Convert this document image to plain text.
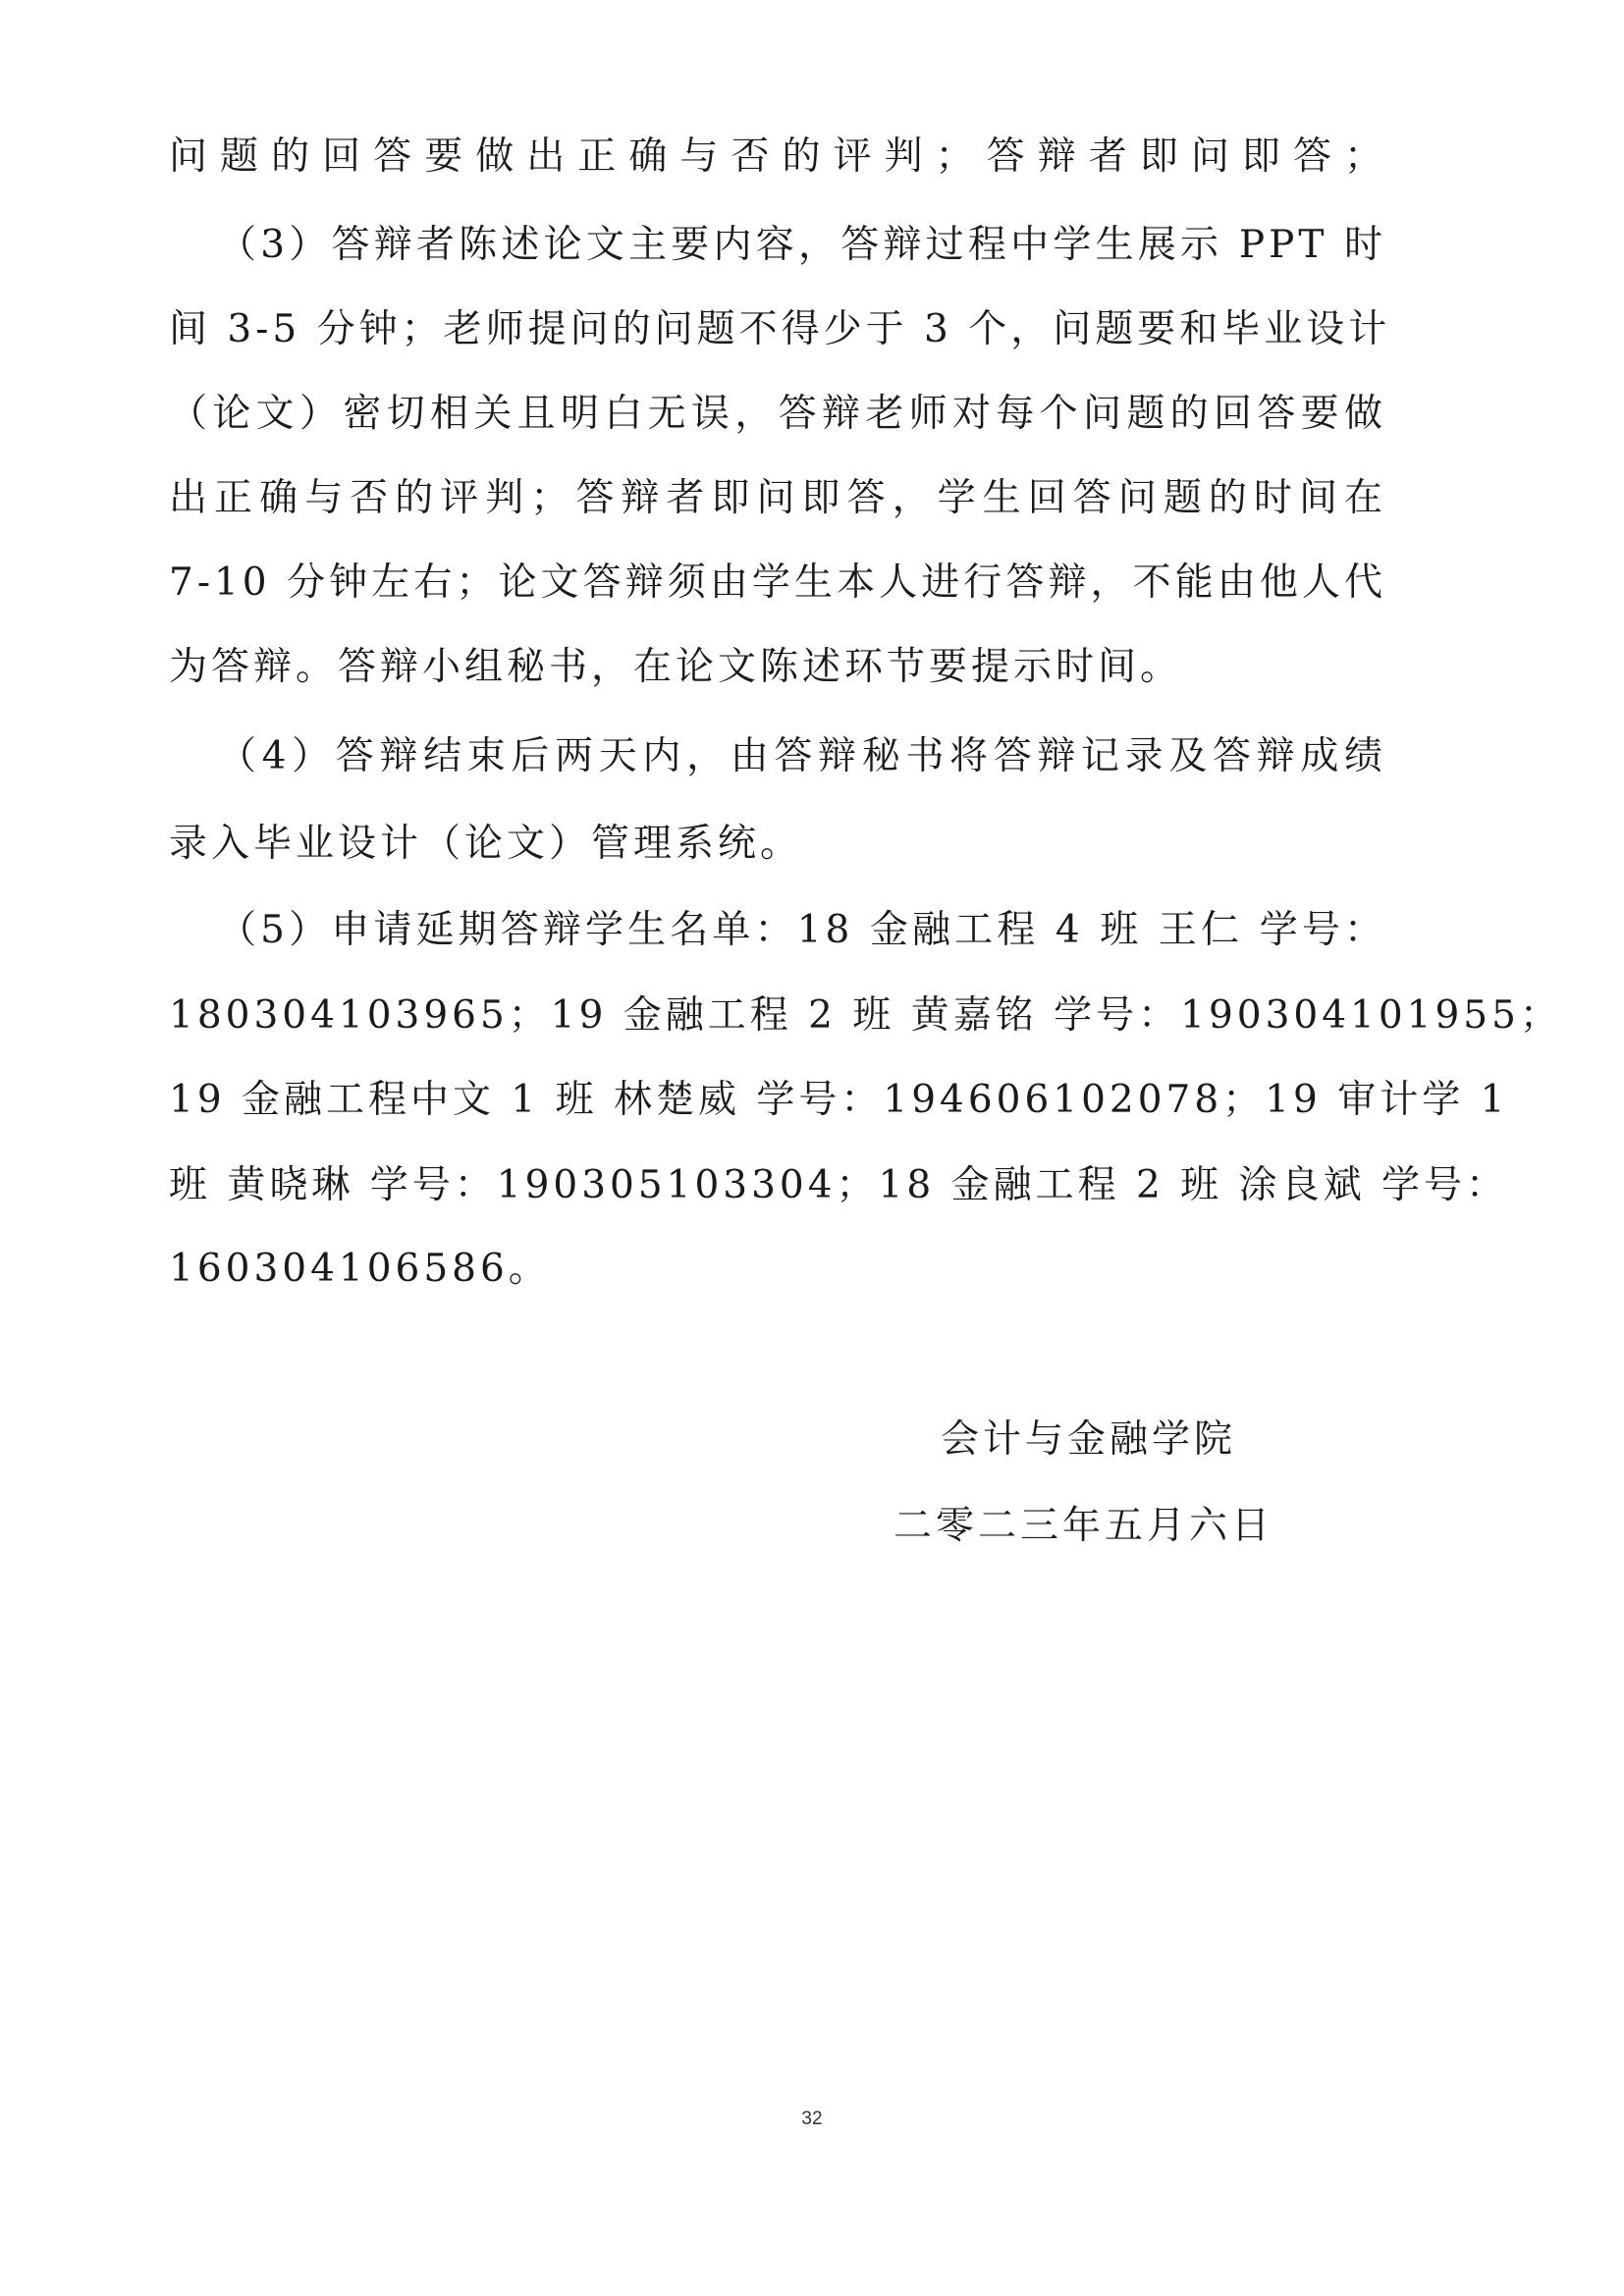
问题的回答要做出正确与否的评判；答辩者即问即答；
（3）答辩者陈述论文主要内容，答辩过程中学生展示 PPT 时
间 3-5 分钟；老师提问的问题不得少于 3 个，问题要和毕业设计
（论文）密切相关且明白无误，答辩老师对每个问题的回答要做
出正确与否的评判；答辩者即问即答，学生回答问题的时间在
7-10 分钟左右；论文答辩须由学生本人进行答辩，不能由他人代
为答辩。答辩小组秘书，在论文陈述环节要提示时间。
（4）答辩结束后两天内，由答辩秘书将答辩记录及答辩成绩
录入毕业设计（论文）管理系统。
（5）申请延期答辩学生名单：18 金融工程 4 班 王仁 学号：
180304103965；19 金融工程 2 班 黄嘉铭 学号：190304101955；
19 金融工程中文 1 班 林楚威 学号：194606102078；19 审计学 1
班 黄晓琳 学号：190305103304；18 金融工程 2 班 涂良斌 学号：
160304106586。
会计与金融学院
二零二三年五月六日
32
